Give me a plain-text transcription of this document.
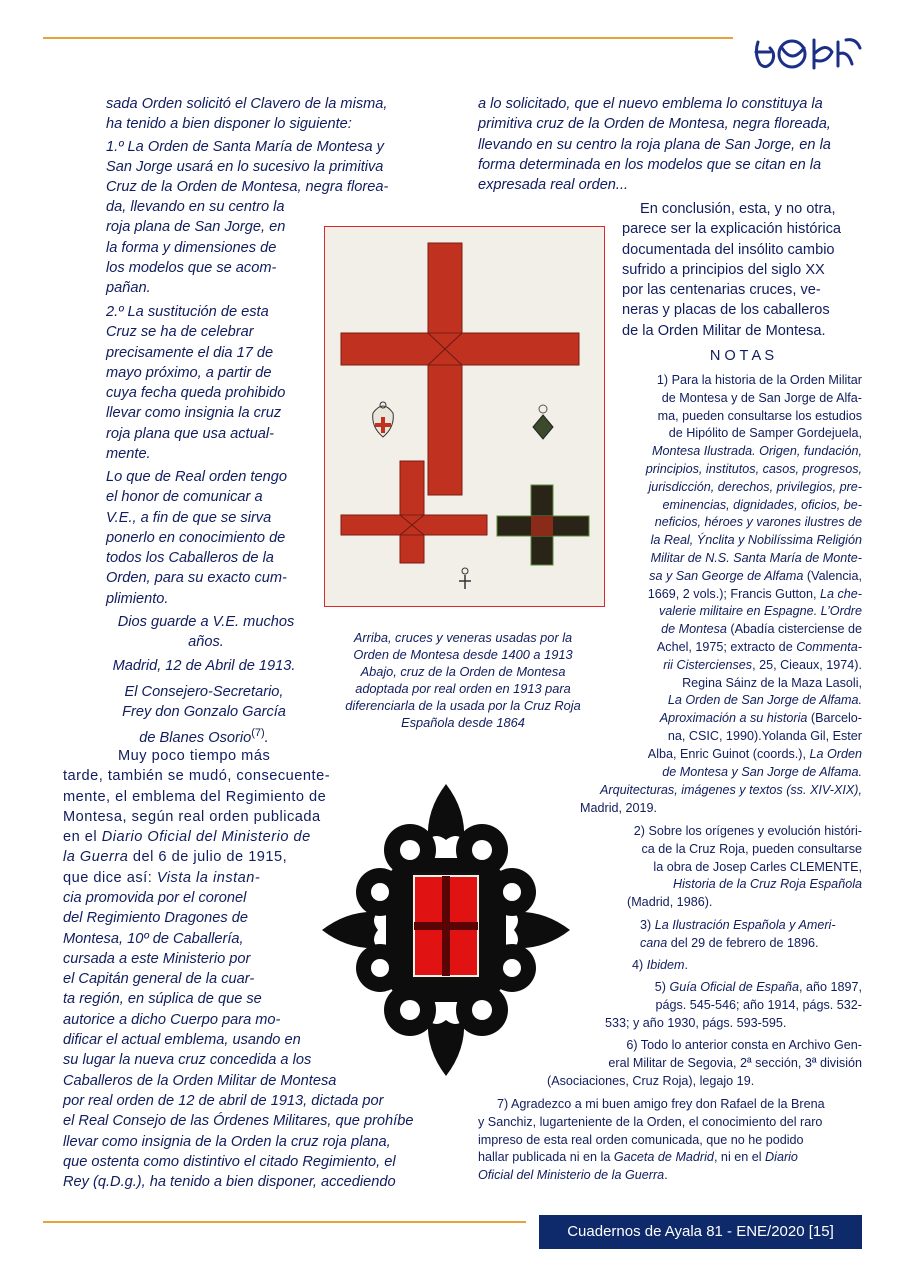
sada Orden solicitó el Clavero de la misma,
ha tenido a bien disponer lo siguiente:
1.º La Orden de Santa María de Montesa y
San Jorge usará en lo sucesivo la primitiva
Cruz de la Orden de Montesa, negra florea-
da, llevando en su centro la
roja plana de San Jorge, en
la forma y dimensiones de
los modelos que se acom-
pañan.
2.º La sustitución de esta
Cruz se ha de celebrar
precisamente el dia 17 de
mayo próximo, a partir de
cuya fecha queda prohibido
llevar como insignia la cruz
roja plana que usa actual-
mente.
Lo que de Real orden tengo
el honor de comunicar a
V.E., a fin de que se sirva
ponerlo en conocimiento de
todos los Caballeros de la
Orden, para su exacto cum-
plimiento.
Dios guarde a V.E. muchos
años.
Madrid, 12 de Abril de 1913.
El Consejero-Secretario,
Frey don Gonzalo García
de Blanes Osorio$^{(7)}$.
Muy poco tiempo más
tarde, también se mudó, consecuente-
mente, el emblema del Regimiento de
Montesa, según real orden publicada
en el Diario Oficial del Ministerio de
la Guerra del 6 de julio de 1915,
que dice así: Vista la instan-
cia promovida por el coronel
del Regimiento Dragones de
Montesa, 10º de Caballería,
cursada a este Ministerio por
el Capitán general de la cuar-
ta región, en súplica de que se
autorice a dicho Cuerpo para mo-
dificar el actual emblema, usando en
su lugar la nueva cruz concedida a los
Caballeros de la Orden Militar de Montesa
por real orden de 12 de abril de 1913, dictada por
el Real Consejo de las Órdenes Militares, que prohíbe
llevar como insignia de la Orden la cruz roja plana,
que ostenta como distintivo el citado Regimiento, el
Rey (q.D.g.), ha tenido a bien disponer, accediendo
a lo solicitado, que el nuevo emblema lo constituya la
primitiva cruz de la Orden de Montesa, negra floreada,
llevando en su centro la roja plana de San Jorge, en la
forma determinada en los modelos que se citan en la
expresada real orden...
En conclusión, esta, y no otra,
parece ser la explicación histórica
documentada del insólito cambio
sufrido a principios del siglo XX
por las centenarias cruces, ve-
neras y placas de los caballeros
de la Orden Militar de Montesa.
N O T A S
1) Para la historia de la Orden Militar
de Montesa y de San Jorge de Alfa-
ma, pueden consultarse los estudios
de Hipólito de Samper Gordejuela,
Montesa Ilustrada. Origen, fundación,
principios, institutos, casos, progresos,
jurisdicción, derechos, privilegios, pre-
eminencias, dignidades, oficios, be-
neficios, héroes y varones ilustres de
la Real, Ýnclita y Nobilíssima Religión
Militar de N.S. Santa María de Monte-
sa y San George de Alfama (Valencia,
1669, 2 vols.); Francis Gutton, La che-
valerie militaire en Espagne. L’Ordre
de Montesa (Abadía cisterciense de
Achel, 1975; extracto de Commenta-
rii Cistercienses, 25, Cieaux, 1974).
Regina Sáinz de la Maza Lasoli,
La Orden de San Jorge de Alfama.
Aproximación a su historia (Barcelo-
na, CSIC, 1990).Yolanda Gil, Ester
Alba, Enric Guinot (coords.), La Orden
de Montesa y San Jorge de Alfama.
Arquitecturas, imágenes y textos (ss. XIV-XIX),
Madrid, 2019.
2) Sobre los orígenes y evolución históri-
ca de la Cruz Roja, pueden consultarse
la obra de Josep Carles CLEMENTE,
Historia de la Cruz Roja Española
(Madrid, 1986).
3) La Ilustración Española y Ameri-
cana del 29 de febrero de 1896.
4) Ibidem.
5) Guía Oficial de España, año 1897,
págs. 545-546; año 1914, págs. 532-
533; y año 1930, págs. 593-595.
6) Todo lo anterior consta en Archivo Gen-
eral Militar de Segovia, 2ª sección, 3ª división
(Asociaciones, Cruz Roja), legajo 19.
7) Agradezco a mi buen amigo frey don Rafael de la Brena
y Sanchiz, lugarteniente de la Orden, el conocimiento del raro
impreso de esta real orden comunicada, que no he podido
hallar publicada ni en la Gaceta de Madrid, ni en el Diario
Oficial del Ministerio de la Guerra.
Arriba, cruces y veneras usadas por la
Orden de Montesa desde 1400 a 1913
Abajo, cruz de la Orden de Montesa
adoptada por real orden en 1913 para
diferenciarla de la usada por la Cruz Roja
Española desde 1864
Cuadernos de Ayala 81 - ENE/2020 [15]
